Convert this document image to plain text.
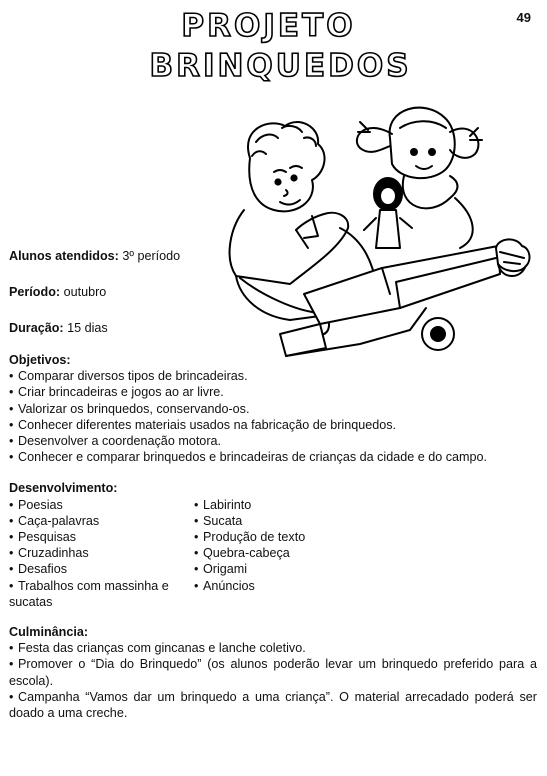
49
PROJETO
BRINQUEDOS
Alunos atendidos: 3º período
Período: outubro
Duração: 15 dias
Objetivos:
• Comparar diversos tipos de brincadeiras.
• Criar brincadeiras e jogos ao ar livre.
• Valorizar os brinquedos, conservando-os.
• Conhecer diferentes materiais usados na fabricação de brinquedos.
• Desenvolver a coordenação motora.
• Conhecer e comparar brinquedos e brincadeiras de crianças da cidade e do campo.
Desenvolvimento:
• Poesias
• Caça-palavras
• Pesquisas
• Cruzadinhas
• Desafios
• Trabalhos com massinha e sucatas
• Labirinto
• Sucata
• Produção de texto
• Quebra-cabeça
• Origami
• Anúncios
Culminância:
• Festa das crianças com gincanas e lanche coletivo.
• Promover o “Dia do Brinquedo” (os alunos poderão levar um brinquedo preferido para a escola).
• Campanha “Vamos dar um brinquedo a uma criança”. O material arrecadado poderá ser doado a uma creche.
